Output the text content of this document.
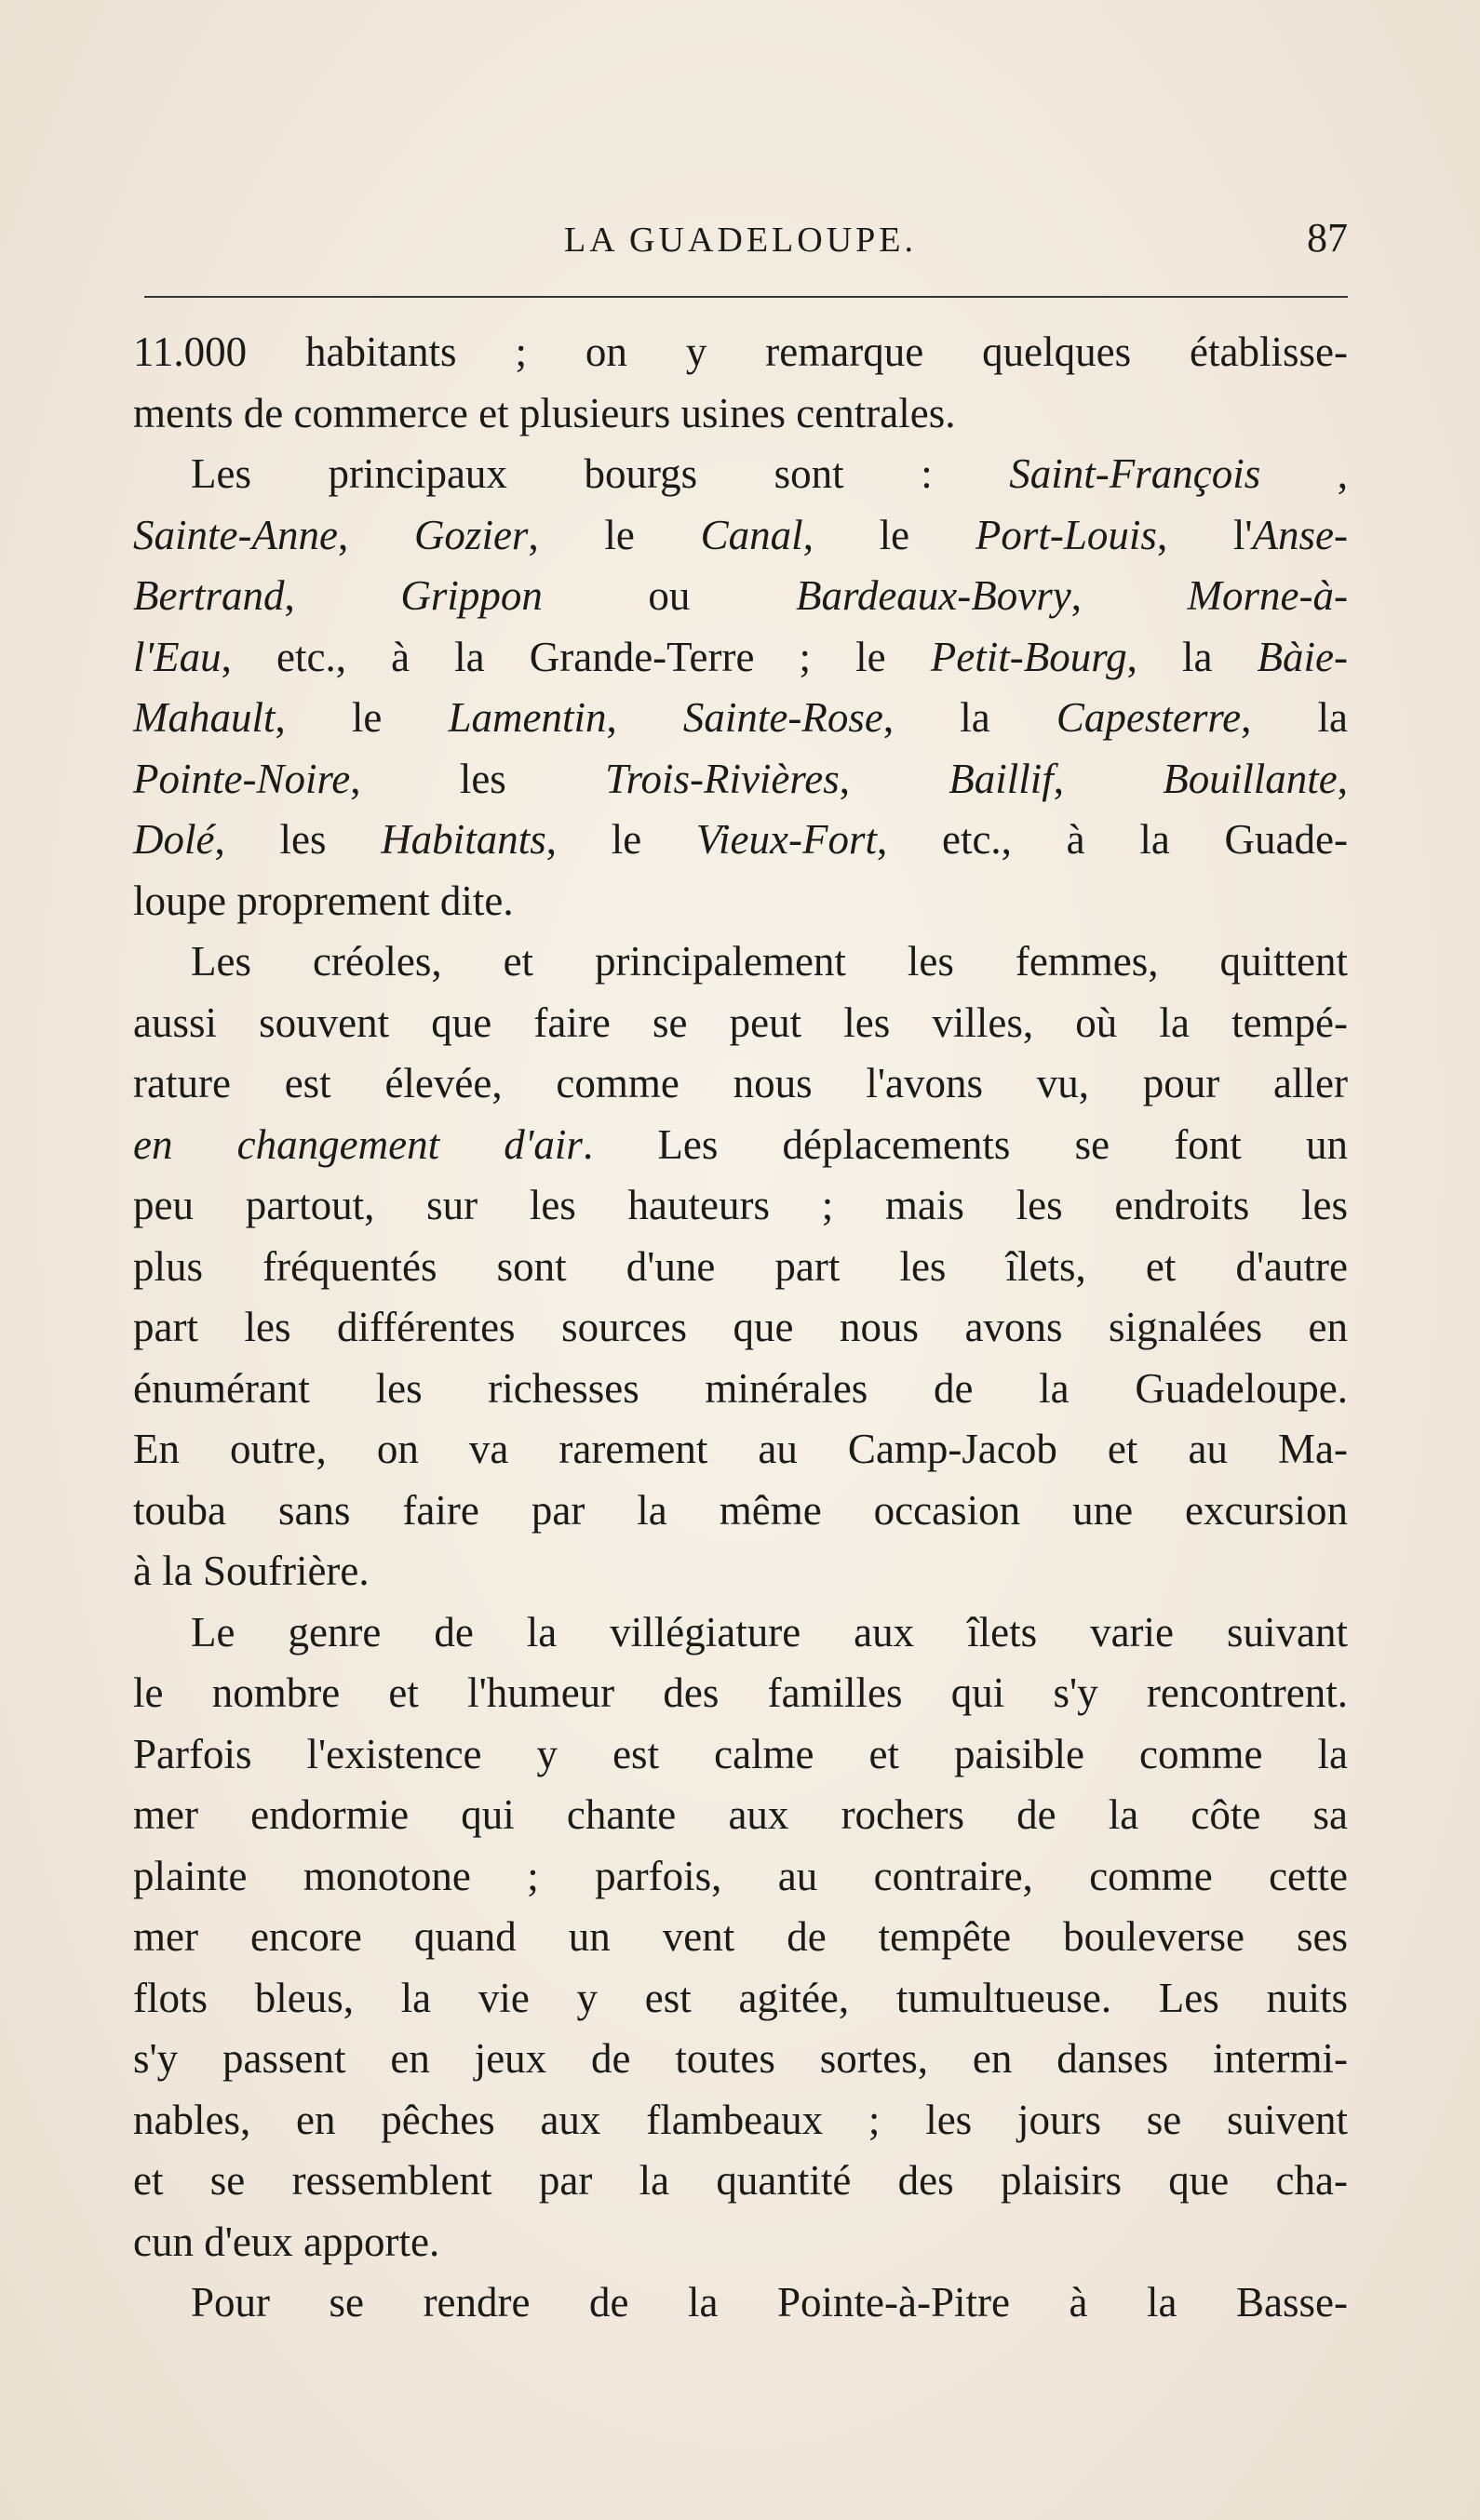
LA GUADELOUPE.	87
11.000 habitants ; on y remarque quelques établisse-
ments de commerce et plusieurs usines centrales.
Les principaux bourgs sont : Saint-François ,
Sainte-Anne, Gozier, le Canal, le Port-Louis, l'Anse-
Bertrand, Grippon ou Bardeaux-Bovry, Morne-à-
l'Eau, etc., à la Grande-Terre ; le Petit-Bourg, la Bàie-
Mahault, le Lamentin, Sainte-Rose, la Capesterre, la
Pointe-Noire, les Trois-Rivières, Baillif, Bouillante,
Dolé, les Habitants, le Vieux-Fort, etc., à la Guade-
loupe proprement dite.
Les créoles, et principalement les femmes, quittent
aussi souvent que faire se peut les villes, où la tempé-
rature est élevée, comme nous l'avons vu, pour aller
en changement d'air. Les déplacements se font un
peu partout, sur les hauteurs ; mais les endroits les
plus fréquentés sont d'une part les îlets, et d'autre
part les différentes sources que nous avons signalées en
énumérant les richesses minérales de la Guadeloupe.
En outre, on va rarement au Camp-Jacob et au Ma-
touba sans faire par la même occasion une excursion
à la Soufrière.
Le genre de la villégiature aux îlets varie suivant
le nombre et l'humeur des familles qui s'y rencontrent.
Parfois l'existence y est calme et paisible comme la
mer endormie qui chante aux rochers de la côte sa
plainte monotone ; parfois, au contraire, comme cette
mer encore quand un vent de tempête bouleverse ses
flots bleus, la vie y est agitée, tumultueuse. Les nuits
s'y passent en jeux de toutes sortes, en danses intermi-
nables, en pêches aux flambeaux ; les jours se suivent
et se ressemblent par la quantité des plaisirs que cha-
cun d'eux apporte.
Pour se rendre de la Pointe-à-Pitre à la Basse-
